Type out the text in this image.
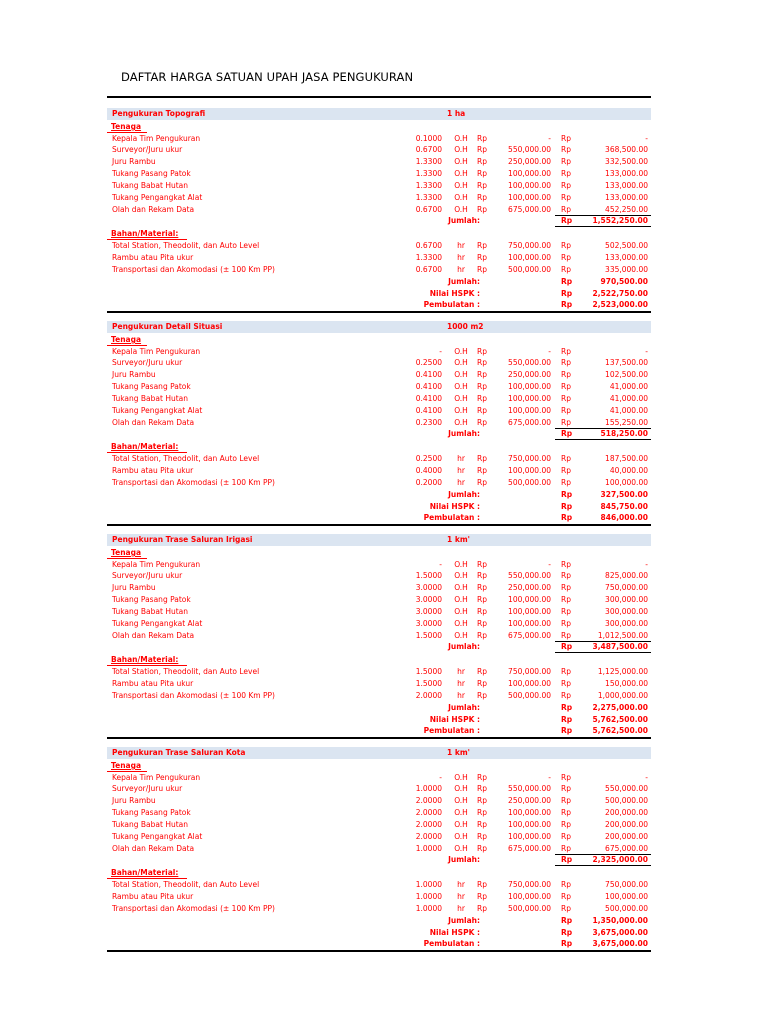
DAFTAR HARGA SATUAN UPAH JASA PENGUKURAN
Pengukuran Topografi	1 ha
Tenaga
Kepala Tim Pengukuran	0.1000	O.H	Rp	- Rp	-
Surveyor/Juru ukur	0.6700	O.H	Rp	550,000.00 Rp	368,500.00
Juru Rambu	1.3300	O.H	Rp	250,000.00 Rp	332,500.00
Tukang Pasang Patok	1.3300	O.H	Rp	100,000.00 Rp	133,000.00
Tukang Babat Hutan	1.3300	O.H	Rp	100,000.00 Rp	133,000.00
Tukang Pengangkat Alat	1.3300	O.H	Rp	100,000.00 Rp	133,000.00
Olah dan Rekam Data	0.6700	O.H	Rp	675,000.00 Rp	452,250.00
Jumlah:	Rp	1,552,250.00
Bahan/Material:
Total Station, Theodolit, dan Auto Level	0.6700	hr	Rp	750,000.00 Rp	502,500.00
Rambu atau Pita ukur	1.3300	hr	Rp	100,000.00 Rp	133,000.00
Transportasi dan Akomodasi (± 100 Km PP)	0.6700	hr	Rp	500,000.00 Rp	335,000.00
Jumlah:	Rp	970,500.00
Nilai HSPK :	Rp	2,522,750.00
Pembulatan :	Rp	2,523,000.00
Pengukuran Detail Situasi	1000 m2
Tenaga
Kepala Tim Pengukuran	-	O.H	Rp	- Rp	-
Surveyor/Juru ukur	0.2500	O.H	Rp	550,000.00 Rp	137,500.00
Juru Rambu	0.4100	O.H	Rp	250,000.00 Rp	102,500.00
Tukang Pasang Patok	0.4100	O.H	Rp	100,000.00 Rp	41,000.00
Tukang Babat Hutan	0.4100	O.H	Rp	100,000.00 Rp	41,000.00
Tukang Pengangkat Alat	0.4100	O.H	Rp	100,000.00 Rp	41,000.00
Olah dan Rekam Data	0.2300	O.H	Rp	675,000.00 Rp	155,250.00
Jumlah:	Rp	518,250.00
Bahan/Material:
Total Station, Theodolit, dan Auto Level	0.2500	hr	Rp	750,000.00 Rp	187,500.00
Rambu atau Pita ukur	0.4000	hr	Rp	100,000.00 Rp	40,000.00
Transportasi dan Akomodasi (± 100 Km PP)	0.2000	hr	Rp	500,000.00 Rp	100,000.00
Jumlah:	Rp	327,500.00
Nilai HSPK :	Rp	845,750.00
Pembulatan :	Rp	846,000.00
Pengukuran Trase Saluran Irigasi	1 km'
Tenaga
Kepala Tim Pengukuran	-	O.H	Rp	- Rp	-
Surveyor/Juru ukur	1.5000	O.H	Rp	550,000.00 Rp	825,000.00
Juru Rambu	3.0000	O.H	Rp	250,000.00 Rp	750,000.00
Tukang Pasang Patok	3.0000	O.H	Rp	100,000.00 Rp	300,000.00
Tukang Babat Hutan	3.0000	O.H	Rp	100,000.00 Rp	300,000.00
Tukang Pengangkat Alat	3.0000	O.H	Rp	100,000.00 Rp	300,000.00
Olah dan Rekam Data	1.5000	O.H	Rp	675,000.00 Rp	1,012,500.00
Jumlah:	Rp	3,487,500.00
Bahan/Material:
Total Station, Theodolit, dan Auto Level	1.5000	hr	Rp	750,000.00 Rp	1,125,000.00
Rambu atau Pita ukur	1.5000	hr	Rp	100,000.00 Rp	150,000.00
Transportasi dan Akomodasi (± 100 Km PP)	2.0000	hr	Rp	500,000.00 Rp	1,000,000.00
Jumlah:	Rp	2,275,000.00
Nilai HSPK :	Rp	5,762,500.00
Pembulatan :	Rp	5,762,500.00
Pengukuran Trase Saluran Kota	1 km'
Tenaga
Kepala Tim Pengukuran	-	O.H	Rp	- Rp	-
Surveyor/Juru ukur	1.0000	O.H	Rp	550,000.00 Rp	550,000.00
Juru Rambu	2.0000	O.H	Rp	250,000.00 Rp	500,000.00
Tukang Pasang Patok	2.0000	O.H	Rp	100,000.00 Rp	200,000.00
Tukang Babat Hutan	2.0000	O.H	Rp	100,000.00 Rp	200,000.00
Tukang Pengangkat Alat	2.0000	O.H	Rp	100,000.00 Rp	200,000.00
Olah dan Rekam Data	1.0000	O.H	Rp	675,000.00 Rp	675,000.00
Jumlah:	Rp	2,325,000.00
Bahan/Material:
Total Station, Theodolit, dan Auto Level	1.0000	hr	Rp	750,000.00 Rp	750,000.00
Rambu atau Pita ukur	1.0000	hr	Rp	100,000.00 Rp	100,000.00
Transportasi dan Akomodasi (± 100 Km PP)	1.0000	hr	Rp	500,000.00 Rp	500,000.00
Jumlah:	Rp	1,350,000.00
Nilai HSPK :	Rp	3,675,000.00
Pembulatan :	Rp	3,675,000.00
